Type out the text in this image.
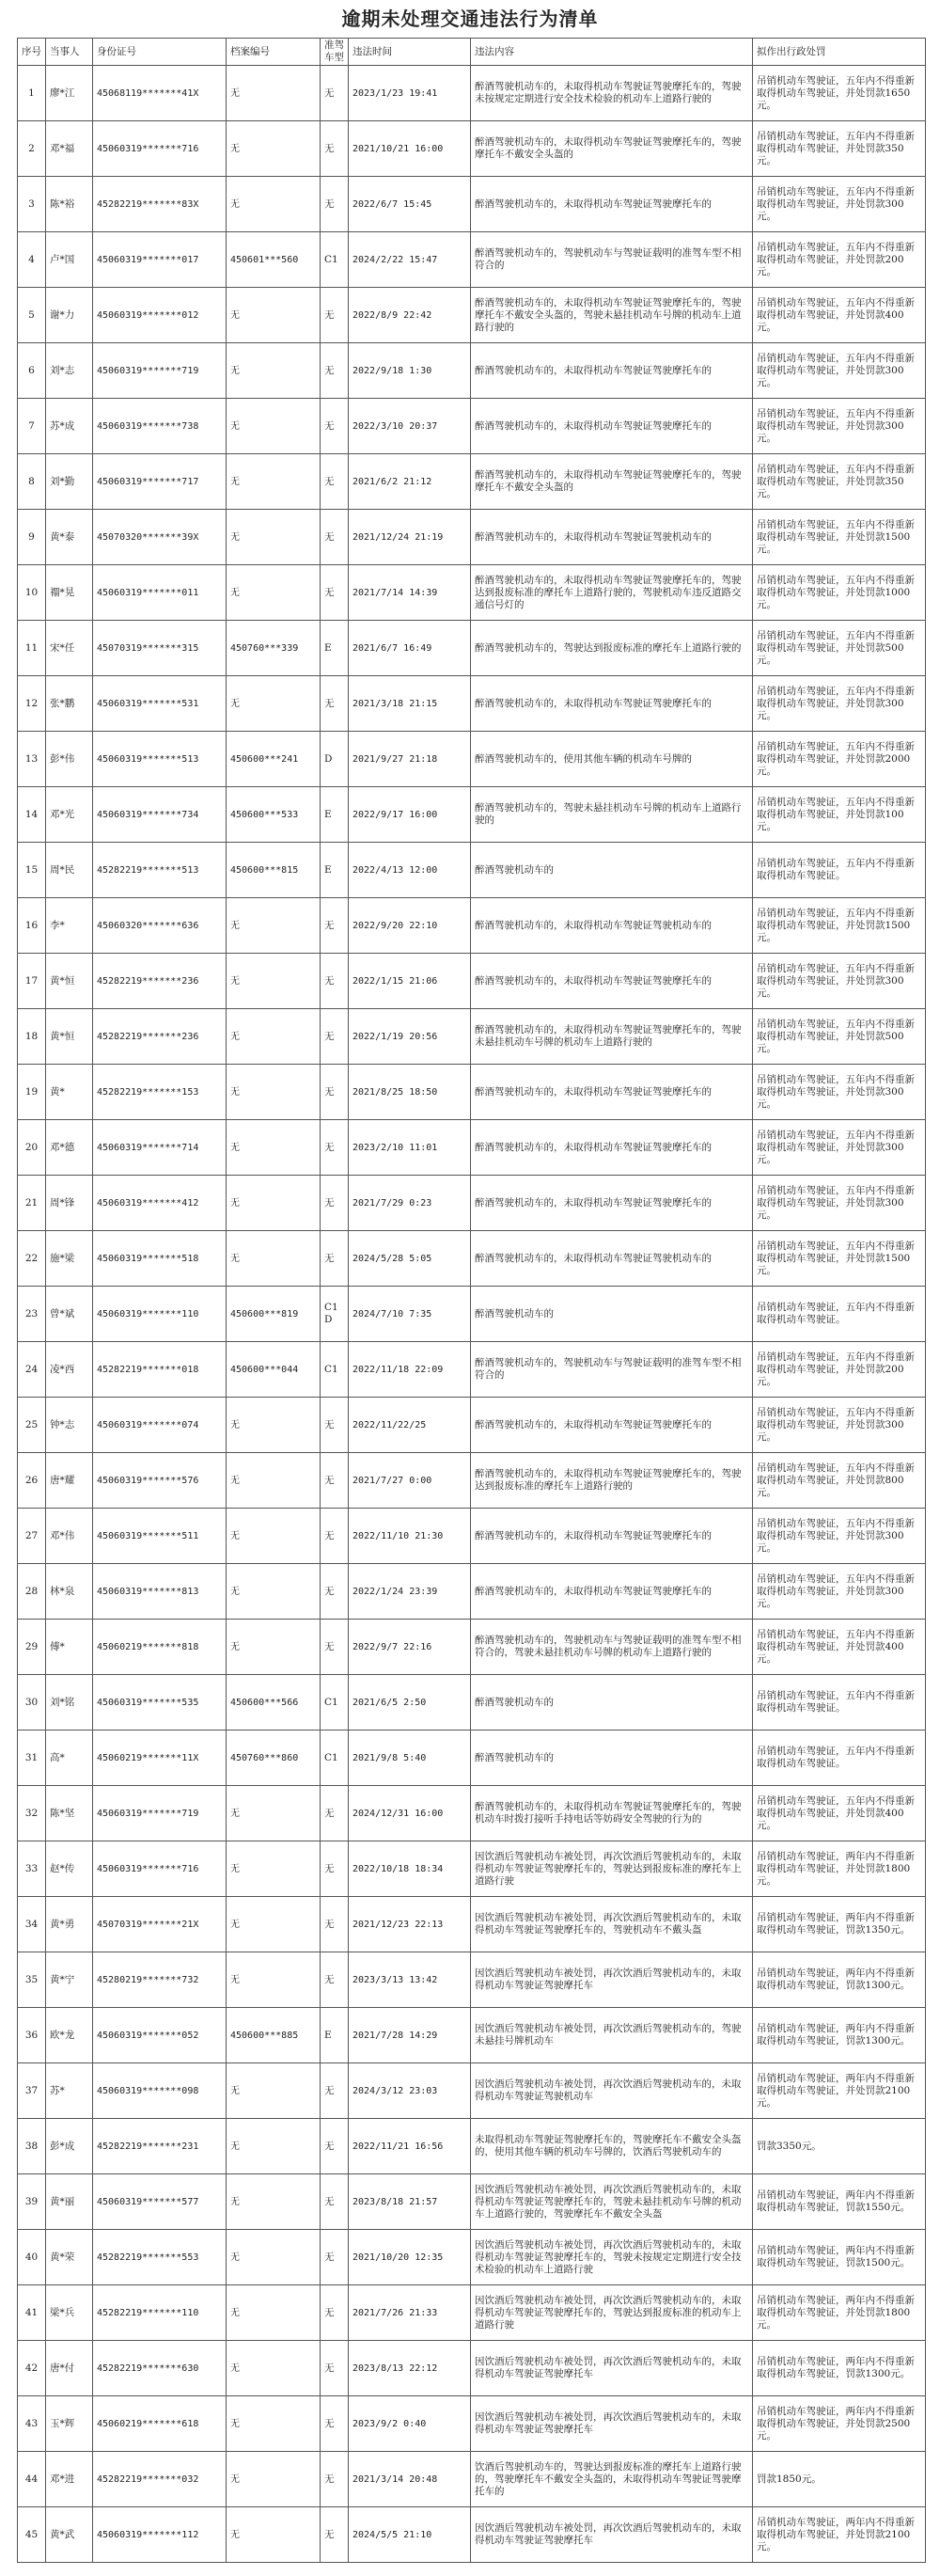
逾期未处理交通违法行为清单
序号	当事人	身份证号	档案编号	准驾车型	违法时间	违法内容	拟作出行政处罚
1	廖*江	45068119*******41X	无	无	2023/1/23 19:41	醉酒驾驶机动车的，未取得机动车驾驶证驾驶摩托车的，驾驶未按规定定期进行安全技术检验的机动车上道路行驶的	吊销机动车驾驶证，五年内不得重新取得机动车驾驶证，并处罚款1650元。
2	邓*福	45060319*******716	无	无	2021/10/21 16:00	醉酒驾驶机动车的，未取得机动车驾驶证驾驶摩托车的，驾驶摩托车不戴安全头盔的	吊销机动车驾驶证，五年内不得重新取得机动车驾驶证，并处罚款350元。
3	陈*裕	45282219*******83X	无	无	2022/6/7 15:45	醉酒驾驶机动车的，未取得机动车驾驶证驾驶摩托车的	吊销机动车驾驶证，五年内不得重新取得机动车驾驶证，并处罚款300元。
4	卢*国	45060319*******017	450601***560	C1	2024/2/22 15:47	醉酒驾驶机动车的，驾驶机动车与驾驶证载明的准驾车型不相符合的	吊销机动车驾驶证，五年内不得重新取得机动车驾驶证，并处罚款200元。
5	谢*力	45060319*******012	无	无	2022/8/9 22:42	醉酒驾驶机动车的，未取得机动车驾驶证驾驶摩托车的，驾驶摩托车不戴安全头盔的，驾驶未悬挂机动车号牌的机动车上道路行驶的	吊销机动车驾驶证，五年内不得重新取得机动车驾驶证，并处罚款400元。
6	刘*志	45060319*******719	无	无	2022/9/18 1:30	醉酒驾驶机动车的，未取得机动车驾驶证驾驶摩托车的	吊销机动车驾驶证，五年内不得重新取得机动车驾驶证，并处罚款300元。
7	苏*成	45060319*******738	无	无	2022/3/10 20:37	醉酒驾驶机动车的，未取得机动车驾驶证驾驶摩托车的	吊销机动车驾驶证，五年内不得重新取得机动车驾驶证，并处罚款300元。
8	刘*勤	45060319*******717	无	无	2021/6/2 21:12	醉酒驾驶机动车的，未取得机动车驾驶证驾驶摩托车的，驾驶摩托车不戴安全头盔的	吊销机动车驾驶证，五年内不得重新取得机动车驾驶证，并处罚款350元。
9	黄*泰	45070320*******39X	无	无	2021/12/24 21:19	醉酒驾驶机动车的，未取得机动车驾驶证驾驶机动车的	吊销机动车驾驶证，五年内不得重新取得机动车驾驶证，并处罚款1500元。
10	禤*晃	45060319*******011	无	无	2021/7/14 14:39	醉酒驾驶机动车的，未取得机动车驾驶证驾驶摩托车的，驾驶达到报废标准的摩托车上道路行驶的，驾驶机动车违反道路交通信号灯的	吊销机动车驾驶证，五年内不得重新取得机动车驾驶证，并处罚款1000元。
11	宋*任	45070319*******315	450760***339	E	2021/6/7 16:49	醉酒驾驶机动车的，驾驶达到报废标准的摩托车上道路行驶的	吊销机动车驾驶证，五年内不得重新取得机动车驾驶证，并处罚款500元。
12	张*鹏	45060319*******531	无	无	2021/3/18 21:15	醉酒驾驶机动车的，未取得机动车驾驶证驾驶摩托车的	吊销机动车驾驶证，五年内不得重新取得机动车驾驶证，并处罚款300元。
13	彭*伟	45060319*******513	450600***241	D	2021/9/27 21:18	醉酒驾驶机动车的，使用其他车辆的机动车号牌的	吊销机动车驾驶证，五年内不得重新取得机动车驾驶证，并处罚款2000元。
14	邓*光	45060319*******734	450600***533	E	2022/9/17 16:00	醉酒驾驶机动车的，驾驶未悬挂机动车号牌的机动车上道路行驶的	吊销机动车驾驶证，五年内不得重新取得机动车驾驶证，并处罚款100元。
15	周*民	45282219*******513	450600***815	E	2022/4/13 12:00	醉酒驾驶机动车的	吊销机动车驾驶证，五年内不得重新取得机动车驾驶证。
16	李*	45060320*******636	无	无	2022/9/20 22:10	醉酒驾驶机动车的，未取得机动车驾驶证驾驶机动车的	吊销机动车驾驶证，五年内不得重新取得机动车驾驶证，并处罚款1500元。
17	黄*恒	45282219*******236	无	无	2022/1/15 21:06	醉酒驾驶机动车的，未取得机动车驾驶证驾驶摩托车的	吊销机动车驾驶证，五年内不得重新取得机动车驾驶证，并处罚款300元。
18	黄*恒	45282219*******236	无	无	2022/1/19 20:56	醉酒驾驶机动车的，未取得机动车驾驶证驾驶摩托车的，驾驶未悬挂机动车号牌的机动车上道路行驶的	吊销机动车驾驶证，五年内不得重新取得机动车驾驶证，并处罚款500元。
19	黄*	45282219*******153	无	无	2021/8/25 18:50	醉酒驾驶机动车的，未取得机动车驾驶证驾驶摩托车的	吊销机动车驾驶证，五年内不得重新取得机动车驾驶证，并处罚款300元。
20	邓*德	45060319*******714	无	无	2023/2/10 11:01	醉酒驾驶机动车的，未取得机动车驾驶证驾驶摩托车的	吊销机动车驾驶证，五年内不得重新取得机动车驾驶证，并处罚款300元。
21	周*锋	45060319*******412	无	无	2021/7/29 0:23	醉酒驾驶机动车的，未取得机动车驾驶证驾驶摩托车的	吊销机动车驾驶证，五年内不得重新取得机动车驾驶证，并处罚款300元。
22	施*梁	45060319*******518	无	无	2024/5/28 5:05	醉酒驾驶机动车的，未取得机动车驾驶证驾驶机动车的	吊销机动车驾驶证，五年内不得重新取得机动车驾驶证，并处罚款1500元。
23	曾*斌	45060319*******110	450600***819	C1D	2024/7/10 7:35	醉酒驾驶机动车的	吊销机动车驾驶证，五年内不得重新取得机动车驾驶证。
24	凌*西	45282219*******018	450600***044	C1	2022/11/18 22:09	醉酒驾驶机动车的，驾驶机动车与驾驶证载明的准驾车型不相符合的	吊销机动车驾驶证，五年内不得重新取得机动车驾驶证，并处罚款200元。
25	钟*志	45060319*******074	无	无	2022/11/22/25	醉酒驾驶机动车的，未取得机动车驾驶证驾驶摩托车的	吊销机动车驾驶证，五年内不得重新取得机动车驾驶证，并处罚款300元。
26	唐*耀	45060319*******576	无	无	2021/7/27 0:00	醉酒驾驶机动车的，未取得机动车驾驶证驾驶摩托车的，驾驶达到报废标准的摩托车上道路行驶的	吊销机动车驾驶证，五年内不得重新取得机动车驾驶证，并处罚款800元。
27	邓*伟	45060319*******511	无	无	2022/11/10 21:30	醉酒驾驶机动车的，未取得机动车驾驶证驾驶摩托车的	吊销机动车驾驶证，五年内不得重新取得机动车驾驶证，并处罚款300元。
28	林*泉	45060319*******813	无	无	2022/1/24 23:39	醉酒驾驶机动车的，未取得机动车驾驶证驾驶摩托车的	吊销机动车驾驶证，五年内不得重新取得机动车驾驶证，并处罚款300元。
29	傅*	45060219*******818	无	无	2022/9/7 22:16	醉酒驾驶机动车的，驾驶机动车与驾驶证载明的准驾车型不相符合的，驾驶未悬挂机动车号牌的机动车上道路行驶的	吊销机动车驾驶证，五年内不得重新取得机动车驾驶证，并处罚款400元。
30	刘*铭	45060319*******535	450600***566	C1	2021/6/5 2:50	醉酒驾驶机动车的	吊销机动车驾驶证，五年内不得重新取得机动车驾驶证。
31	高*	45060219*******11X	450760***860	C1	2021/9/8 5:40	醉酒驾驶机动车的	吊销机动车驾驶证，五年内不得重新取得机动车驾驶证。
32	陈*坚	45060319*******719	无	无	2024/12/31 16:00	醉酒驾驶机动车的，未取得机动车驾驶证驾驶摩托车的，驾驶机动车时拨打接听手持电话等妨碍安全驾驶的行为的	吊销机动车驾驶证，五年内不得重新取得机动车驾驶证，并处罚款400元。
33	赵*传	45060319*******716	无	无	2022/10/18 18:34	因饮酒后驾驶机动车被处罚，再次饮酒后驾驶机动车的，未取得机动车驾驶证驾驶摩托车的，驾驶达到报废标准的摩托车上道路行驶	吊销机动车驾驶证，两年内不得重新取得机动车驾驶证，并处罚款1800元。
34	黄*勇	45070319*******21X	无	无	2021/12/23 22:13	因饮酒后驾驶机动车被处罚，再次饮酒后驾驶机动车的，未取得机动车驾驶证驾驶摩托车的，驾驶机动车不戴头盔	吊销机动车驾驶证，两年内不得重新取得机动车驾驶证，罚款1350元。
35	黄*宁	45280219*******732	无	无	2023/3/13 13:42	因饮酒后驾驶机动车被处罚，再次饮酒后驾驶机动车的，未取得机动车驾驶证驾驶摩托车	吊销机动车驾驶证，两年内不得重新取得机动车驾驶证，罚款1300元。
36	欧*龙	45060319*******052	450600***885	E	2021/7/28 14:29	因饮酒后驾驶机动车被处罚，再次饮酒后驾驶机动车的，驾驶未悬挂号牌机动车	吊销机动车驾驶证，两年内不得重新取得机动车驾驶证，罚款1300元。
37	苏*	45060319*******098	无	无	2024/3/12 23:03	因饮酒后驾驶机动车被处罚，再次饮酒后驾驶机动车的，未取得机动车驾驶证驾驶机动车	吊销机动车驾驶证，两年内不得重新取得机动车驾驶证，并处罚款2100元。
38	彭*成	45282219*******231	无	无	2022/11/21 16:56	未取得机动车驾驶证驾驶摩托车的，驾驶摩托车不戴安全头盔的，使用其他车辆的机动车号牌的，饮酒后驾驶机动车的	罚款3350元。
39	黄*丽	45060319*******577	无	无	2023/8/18 21:57	因饮酒后驾驶机动车被处罚，再次饮酒后驾驶机动车的，未取得机动车驾驶证驾驶摩托车的，驾驶未悬挂机动车号牌的机动车上道路行驶的，驾驶摩托车不戴安全头盔	吊销机动车驾驶证，两年内不得重新取得机动车驾驶证，罚款1550元。
40	黄*荣	45282219*******553	无	无	2021/10/20 12:35	因饮酒后驾驶机动车被处罚，再次饮酒后驾驶机动车的，未取得机动车驾驶证驾驶摩托车的，驾驶未按规定定期进行安全技术检验的机动车上道路行驶	吊销机动车驾驶证，两年内不得重新取得机动车驾驶证，罚款1500元。
41	梁*兵	45282219*******110	无	无	2021/7/26 21:33	因饮酒后驾驶机动车被处罚，再次饮酒后驾驶机动车的，未取得机动车驾驶证驾驶摩托车的，驾驶达到报废标准的机动车上道路行驶	吊销机动车驾驶证，两年内不得重新取得机动车驾驶证，并处罚款1800元。
42	唐*付	45282219*******630	无	无	2023/8/13 22:12	因饮酒后驾驶机动车被处罚，再次饮酒后驾驶机动车的，未取得机动车驾驶证驾驶摩托车	吊销机动车驾驶证，两年内不得重新取得机动车驾驶证，罚款1300元。
43	玉*辉	45060219*******618	无	无	2023/9/2 0:40	因饮酒后驾驶机动车被处罚，再次饮酒后驾驶机动车的，未取得机动车驾驶证驾驶摩托车	吊销机动车驾驶证，两年内不得重新取得机动车驾驶证，并处罚款2500元。
44	邓*进	45282219*******032	无	无	2021/3/14 20:48	饮酒后驾驶机动车的，驾驶达到报废标准的摩托车上道路行驶的，驾驶摩托车不戴安全头盔的，未取得机动车驾驶证驾驶摩托车的	罚款1850元。
45	黄*武	45060319*******112	无	无	2024/5/5 21:10	因饮酒后驾驶机动车被处罚，再次饮酒后驾驶机动车的，未取得机动车驾驶证驾驶摩托车	吊销机动车驾驶证，两年内不得重新取得机动车驾驶证，并处罚款2100元。
